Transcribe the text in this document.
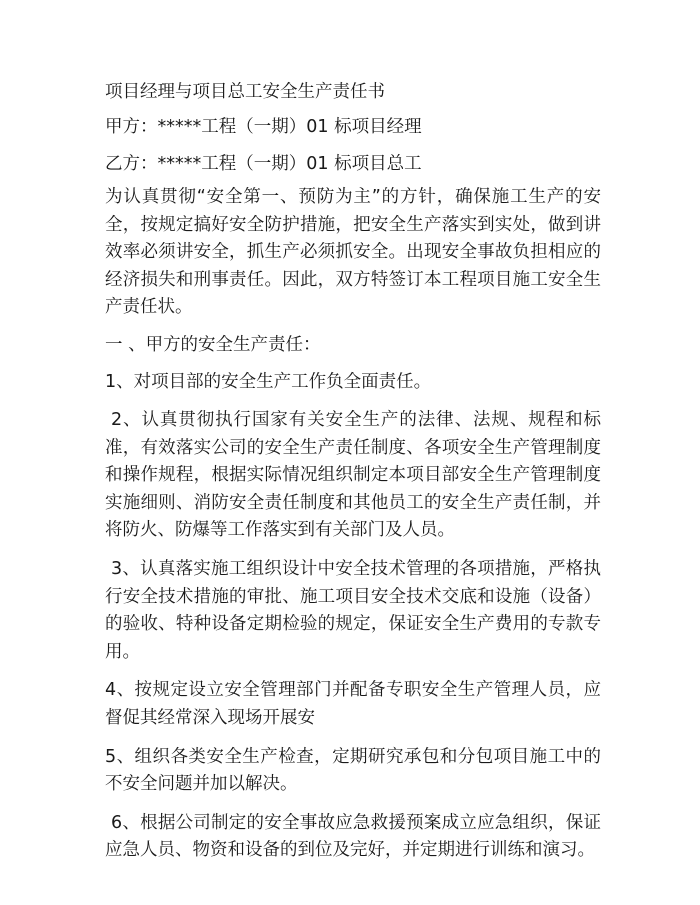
项目经理与项目总工安全生产责任书

甲方：*****工程（一期）01 标项目经理

乙方：*****工程（一期）01 标项目总工

为认真贯彻“安全第一、预防为主”的方针，确保施工生产的安全，按规定搞好安全防护措施，把安全生产落实到实处，做到讲效率必须讲安全，抓生产必须抓安全。出现安全事故负担相应的经济损失和刑事责任。因此，双方特签订本工程项目施工安全生产责任状。

一 、甲方的安全生产责任：

1、对项目部的安全生产工作负全面责任。

2、认真贯彻执行国家有关安全生产的法律、法规、规程和标准，有效落实公司的安全生产责任制度、各项安全生产管理制度和操作规程，根据实际情况组织制定本项目部安全生产管理制度实施细则、消防安全责任制度和其他员工的安全生产责任制，并将防火、防爆等工作落实到有关部门及人员。

3、认真落实施工组织设计中安全技术管理的各项措施，严格执行安全技术措施的审批、施工项目安全技术交底和设施（设备）的验收、特种设备定期检验的规定，保证安全生产费用的专款专用。

4、按规定设立安全管理部门并配备专职安全生产管理人员，应督促其经常深入现场开展安

5、组织各类安全生产检查，定期研究承包和分包项目施工中的不安全问题并加以解决。

6、根据公司制定的安全事故应急救援预案成立应急组织，保证应急人员、物资和设备的到位及完好，并定期进行训练和演习。
